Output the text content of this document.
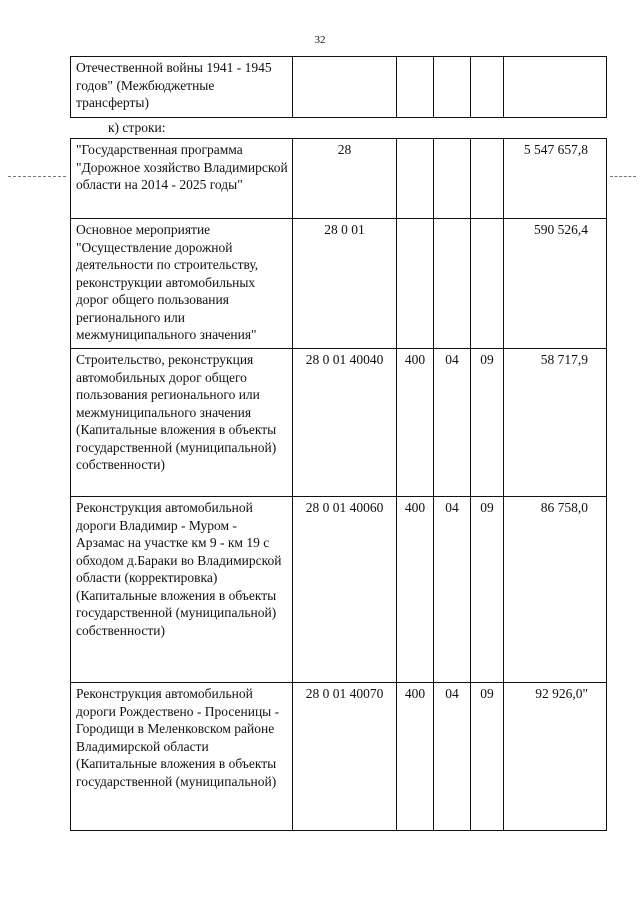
32
Отечественной войны 1941 - 1945 годов" (Межбюджетные трансферты)					
к) строки:
"Государственная программа "Дорожное хозяйство Владимирской области на 2014 - 2025 годы"	28				5 547 657,8
Основное мероприятие "Осуществление дорожной деятельности по строительству, реконструкции автомобильных дорог общего пользования регионального или межмуниципального значения"	28 0 01				590 526,4
Строительство, реконструкция автомобильных дорог общего пользования регионального или межмуниципального значения (Капитальные вложения в объекты государственной (муниципальной) собственности)	28 0 01 40040	400	04	09	58 717,9
Реконструкция автомобильной дороги Владимир - Муром - Арзамас на участке км 9 - км 19 с обходом д.Бараки во Владимирской области (корректировка) (Капитальные вложения в объекты государственной (муниципальной) собственности)	28 0 01 40060	400	04	09	86 758,0
Реконструкция автомобильной дороги Рождествено - Просеницы - Городищи в Меленковском районе Владимирской области (Капитальные вложения в объекты государственной (муниципальной)	28 0 01 40070	400	04	09	92 926,0"
